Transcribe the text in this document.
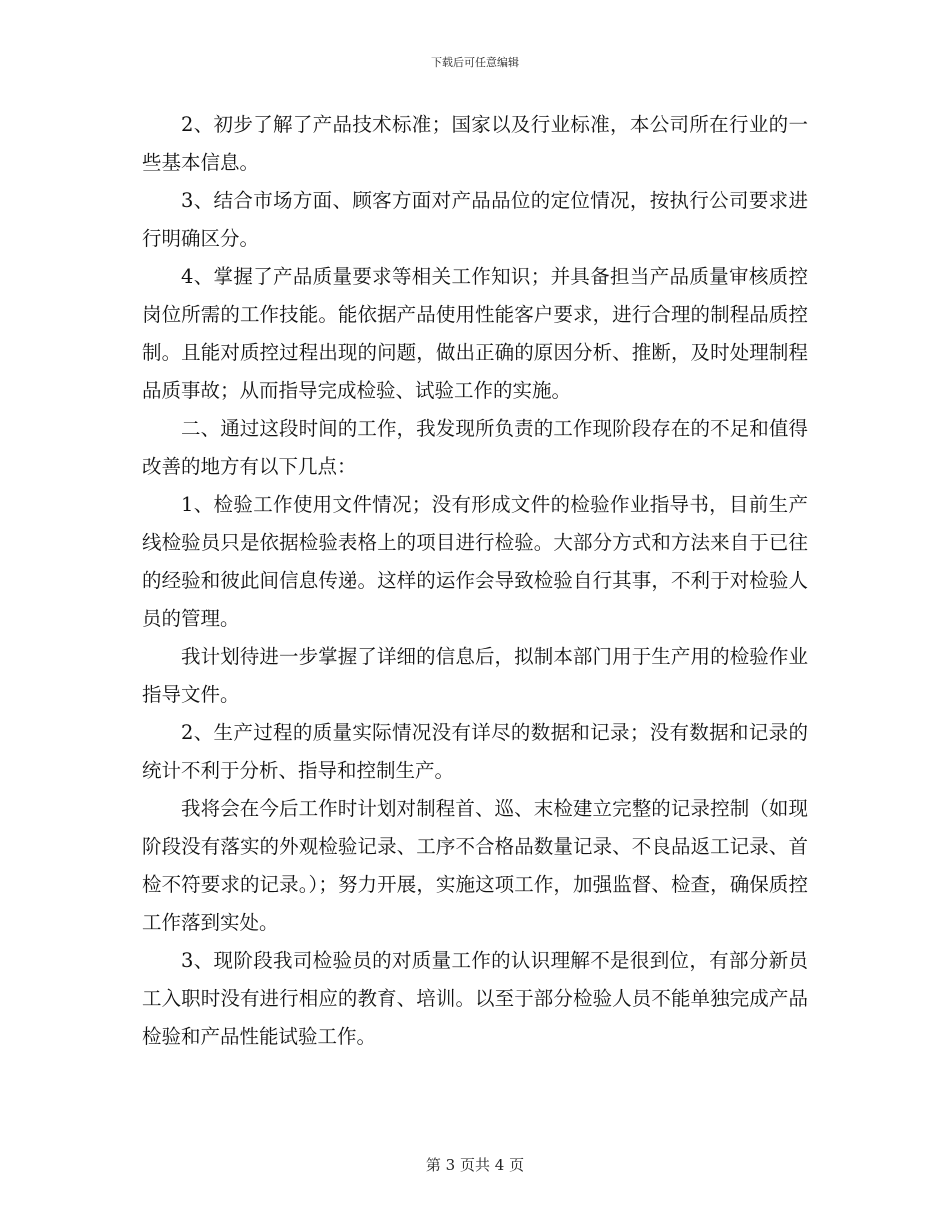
下载后可任意编辑

2、初步了解了产品技术标准；国家以及行业标准，本公司所在行业的一些基本信息。

3、结合市场方面、顾客方面对产品品位的定位情况，按执行公司要求进行明确区分。

4、掌握了产品质量要求等相关工作知识；并具备担当产品质量审核质控岗位所需的工作技能。能依据产品使用性能客户要求，进行合理的制程品质控制。且能对质控过程出现的问题，做出正确的原因分析、推断，及时处理制程品质事故；从而指导完成检验、试验工作的实施。

二、通过这段时间的工作，我发现所负责的工作现阶段存在的不足和值得改善的地方有以下几点：

1、检验工作使用文件情况；没有形成文件的检验作业指导书，目前生产线检验员只是依据检验表格上的项目进行检验。大部分方式和方法来自于已往的经验和彼此间信息传递。这样的运作会导致检验自行其事，不利于对检验人员的管理。

我计划待进一步掌握了详细的信息后，拟制本部门用于生产用的检验作业指导文件。

2、生产过程的质量实际情况没有详尽的数据和记录；没有数据和记录的统计不利于分析、指导和控制生产。

我将会在今后工作时计划对制程首、巡、末检建立完整的记录控制（如现阶段没有落实的外观检验记录、工序不合格品数量记录、不良品返工记录、首检不符要求的记录。）；努力开展，实施这项工作，加强监督、检查，确保质控工作落到实处。

3、现阶段我司检验员的对质量工作的认识理解不是很到位，有部分新员工入职时没有进行相应的教育、培训。以至于部分检验人员不能单独完成产品检验和产品性能试验工作。

第 3 页共 4 页
